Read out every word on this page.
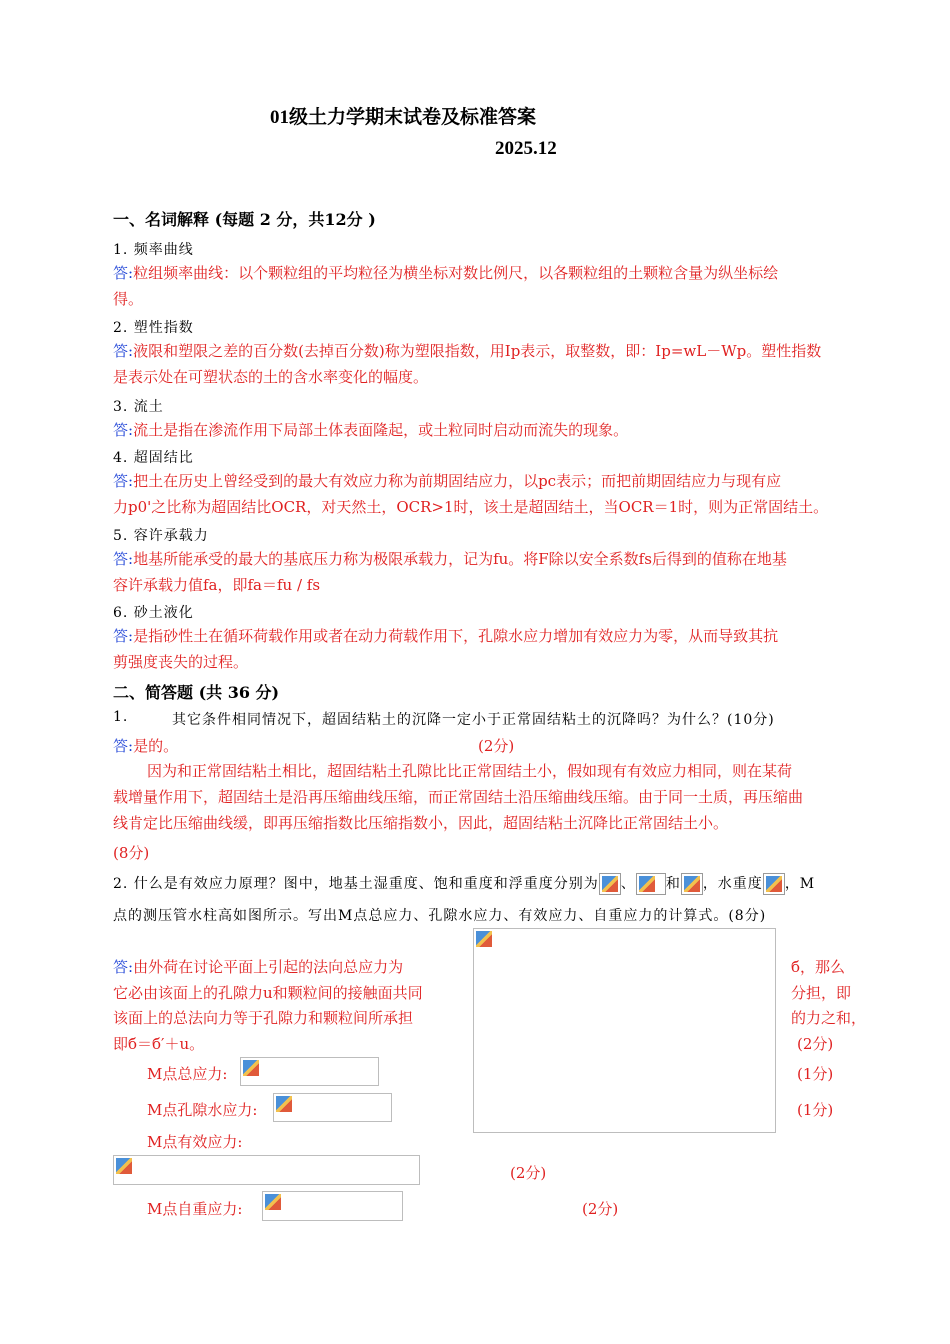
01级土力学期末试卷及标准答案
2025.12
一、名词解释 (每题 2 分，共12分 )
1. 频率曲线
答:粒组频率曲线：以个颗粒组的平均粒径为横坐标对数比例尺，以各颗粒组的土颗粒含量为纵坐标绘
得。
2. 塑性指数
答:液限和塑限之差的百分数(去掉百分数)称为塑限指数，用Ip表示，取整数，即：Ip=wL－Wp。塑性指数
是表示处在可塑状态的土的含水率变化的幅度。
3. 流土
答:流土是指在渗流作用下局部土体表面隆起，或土粒同时启动而流失的现象。
4. 超固结比
答:把土在历史上曾经受到的最大有效应力称为前期固结应力，以pc表示；而把前期固结应力与现有应
力p0'之比称为超固结比OCR，对天然土，OCR>1时，该土是超固结土，当OCR＝1时，则为正常固结土。
5. 容许承载力
答:地基所能承受的最大的基底压力称为极限承载力，记为fu。将F除以安全系数fs后得到的值称在地基
容许承载力值fa，即fa＝fu / fs
6. 砂土液化
答:是指砂性土在循环荷载作用或者在动力荷载作用下，孔隙水应力增加有效应力为零，从而导致其抗
剪强度丧失的过程。
二、简答题 (共 36 分)
1.	其它条件相同情况下，超固结粘土的沉降一定小于正常固结粘土的沉降吗？为什么？(10分)
答:是的。	(2分)
因为和正常固结粘土相比，超固结粘土孔隙比比正常固结土小，假如现有有效应力相同，则在某荷

载增量作用下，超固结土是沿再压缩曲线压缩，而正常固结土沿压缩曲线压缩。由于同一土质，再压缩曲
线肯定比压缩曲线缓，即再压缩指数比压缩指数小，因此，超固结粘土沉降比正常固结土小。
(8分)
2. 什么是有效应力原理？图中，地基土湿重度、饱和重度和浮重度分别为 、 和 ，水重度 ，M
点的测压管水柱高如图所示。写出M点总应力、孔隙水应力、有效应力、自重应力的计算式。(8分)
答:由外荷在讨论平面上引起的法向总应力为	б，那么
它必由该面上的孔隙力u和颗粒间的接触面共同	分担，即
该面上的总法向力等于孔隙力和颗粒间所承担	的力之和，
即б＝б′＋u。	(2分)
M点总应力:	(1分)
M点孔隙水应力:	(1分)
M点有效应力:
(2分)
M点自重应力:	(2分)
